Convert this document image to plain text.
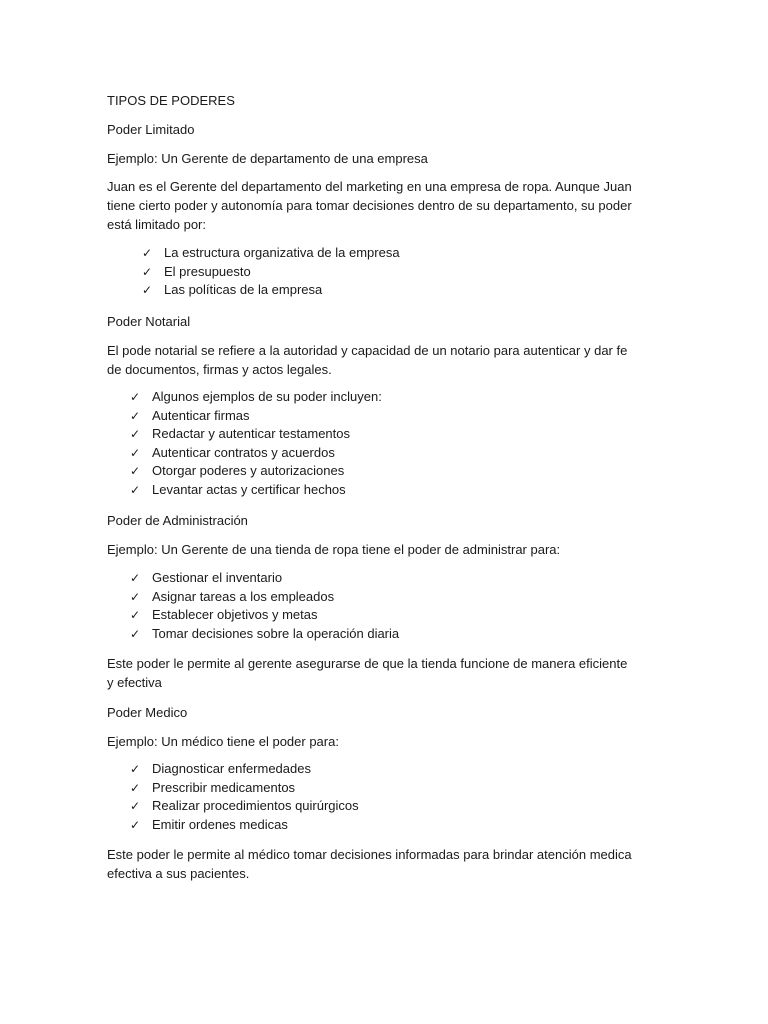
TIPOS DE PODERES

Poder Limitado

Ejemplo: Un Gerente de departamento de una empresa

Juan es el Gerente del departamento del marketing en una empresa de ropa. Aunque Juan tiene cierto poder y autonomía para tomar decisiones dentro de su departamento, su poder está limitado por:

✓ La estructura organizativa de la empresa
✓ El presupuesto
✓ Las políticas de la empresa

Poder Notarial

El pode notarial se refiere a la autoridad y capacidad de un notario para autenticar y dar fe de documentos, firmas y actos legales.

✓ Algunos ejemplos de su poder incluyen:
✓ Autenticar firmas
✓ Redactar y autenticar testamentos
✓ Autenticar contratos y acuerdos
✓ Otorgar poderes y autorizaciones
✓ Levantar actas y certificar hechos

Poder de Administración

Ejemplo: Un Gerente de una tienda de ropa tiene el poder de administrar para:

✓ Gestionar el inventario
✓ Asignar tareas a los empleados
✓ Establecer objetivos y metas
✓ Tomar decisiones sobre la operación diaria

Este poder le permite al gerente asegurarse de que la tienda funcione de manera eficiente y efectiva

Poder Medico

Ejemplo: Un médico tiene el poder para:

✓ Diagnosticar enfermedades
✓ Prescribir medicamentos
✓ Realizar procedimientos quirúrgicos
✓ Emitir ordenes medicas

Este poder le permite al médico tomar decisiones informadas para brindar atención medica efectiva a sus pacientes.
